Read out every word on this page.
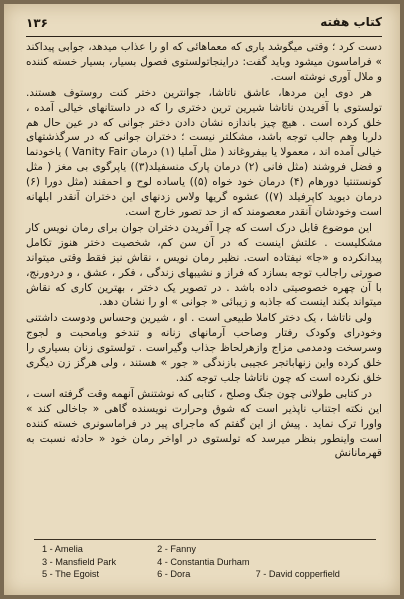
۱۳۶	کتاب هفته

دست کرد ؛ وقتی میگوشد باری که معماهائی که او را عذاب میدهد، جوابی پیداکند » فراماسون میشود وباید گفت: دراینجاتولستوی فصول بسیار، بسیار خسته کننده و ملال آوری نوشته است.

هر دوی این مردها، عاشق ناتاشا، جوانترین دختر کنت روستوف هستند. تولستوی با آفریدن ناتاشا شیرین ترین دختری را که در داستانهای خیالی آمده ، خلق کرده است . هیچ چیز باندازه نشان دادن دختر جوانی که در عین حال هم دلربا وهم جالب توجه باشد، مشکلتر نیست ؛ دختران جوانی که در سرگذشتهای خیالی آمده اند ، معمولا یا بیفروغاند ( مثل آملیا (۱) درمان Vanity Fair ) یاخودنما و فضل فروشند (مثل فانی (۲) درمان پارک منسفیلد(۳)) یاپرگوی بی مغز ( مثل کونستنتیا دورهام (۴) درمان خود خواه (۵)) یاساده لوح و احمقند (مثل دورا (۶) درمان دیوید کاپرفیلد (۷)) عشوه گریها ولاس زدنهای این دختران آنقدر ابلهانه است وخودشان آنقدر معصومند که از حد تصور خارج است.

این موضوع قابل درک است که چرا آفریدن دختران جوان برای رمان نویس کار مشکلیست . علتش اینست که در آن سن کم، شخصیت دختر هنوز تکامل پیدانکرده و «جا» نیفتاده است. نظیر رمان نویس ، نقاش نیز فقط وقتی میتواند صورتی راجالب توجه بسازد که فراز و نشیبهای زندگی ، فکر ، عشق ، و دردورنج، با آن چهره خصوصیتی داده باشد . در تصویر یک دختر ، بهترین کاری که نقاش میتواند بکند اینست که جاذبه و زیبائی « جوانی » او را نشان دهد.

ولی ناتاشا ، یک دختر کاملا طبیعی است . او ، شیرین وحساس ودوست داشتنی وخودرای وکودک رفتار وصاحب آرمانهای زنانه و تندخو وبامحبت و لجوج وسرسخت ودمدمی مزاج وازهرلحاظ جذاب وگیراست . تولستوی زنان بسیاری را خلق کرده واین زنهاباتجر عجیبی بازندگی « جور » هستند ، ولی هرگز زن دیگری خلق نکرده است که چون ناتاشا جلب توجه کند.

در کتابی طولانی چون جنگ وصلح ، کتابی که نوشتنش آنهمه وقت گرفته است ، این نکته اجتناب ناپذیر است که شوق وحرارت نویسنده گاهی « جاخالی کند » واورا ترک نماید . پیش از این گفتم که ماجرای پیر در فراماسونری خسته کننده است واینطور بنظر میرسد که تولستوی در اواخر رمان خود « حادثه نسبت به قهرمانانش

1 - Amelia	2 - Fanny
3 - Mansfield Park	4 - Constantia Durham
5 - The Egoist	6 - Dora	7 - David copperfield
